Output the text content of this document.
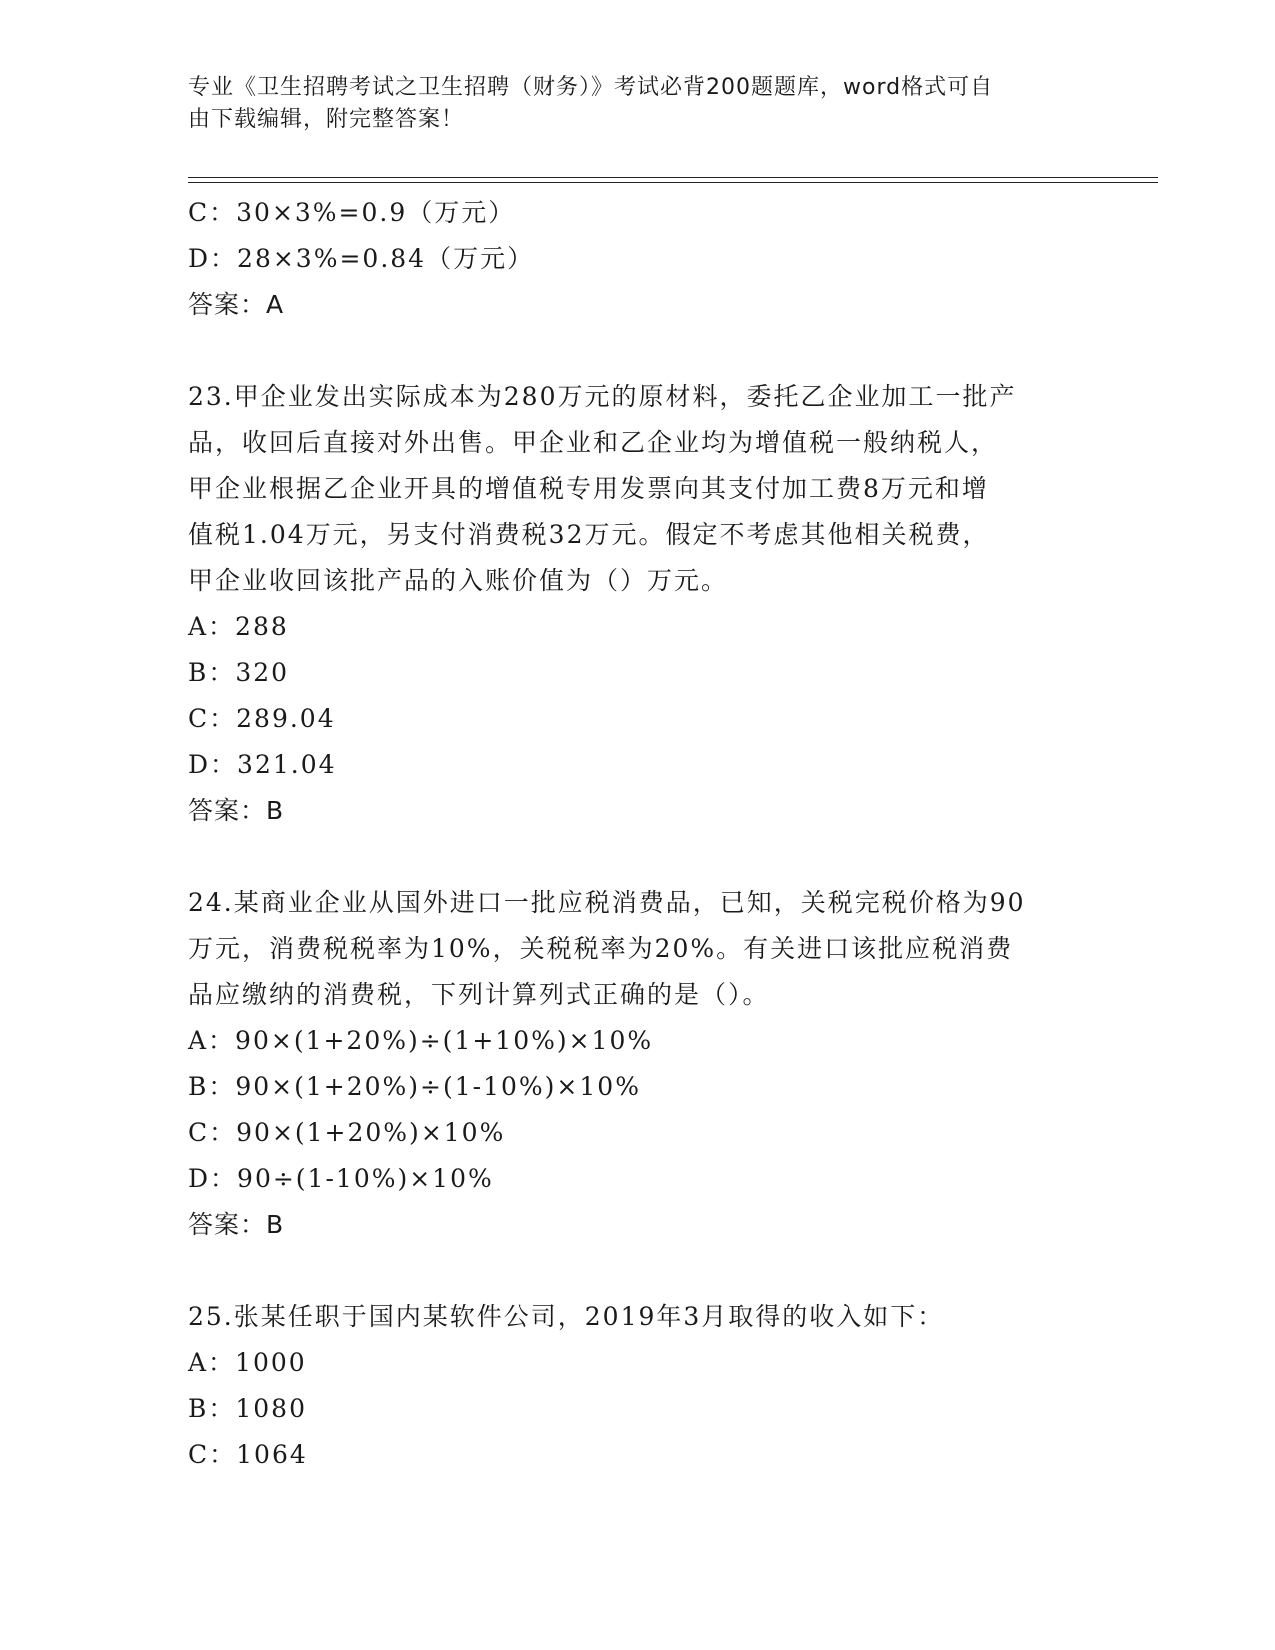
专业《卫生招聘考试之卫生招聘（财务）》考试必背200题题库，word格式可自
由下载编辑，附完整答案！
C：30×3%=0.9（万元）
D：28×3%=0.84（万元）
答案：A
23.甲企业发出实际成本为280万元的原材料，委托乙企业加工一批产
品，收回后直接对外出售。甲企业和乙企业均为增值税一般纳税人，
甲企业根据乙企业开具的增值税专用发票向其支付加工费8万元和增
值税1.04万元，另支付消费税32万元。假定不考虑其他相关税费，
甲企业收回该批产品的入账价值为（）万元。
A：288
B：320
C：289.04
D：321.04
答案：B
24.某商业企业从国外进口一批应税消费品，已知，关税完税价格为90
万元，消费税税率为10%，关税税率为20%。有关进口该批应税消费
品应缴纳的消费税，下列计算列式正确的是（）。
A：90×(1+20%)÷(1+10%)×10%
B：90×(1+20%)÷(1-10%)×10%
C：90×(1+20%)×10%
D：90÷(1-10%)×10%
答案：B
25.张某任职于国内某软件公司，2019年3月取得的收入如下：
A：1000
B：1080
C：1064
